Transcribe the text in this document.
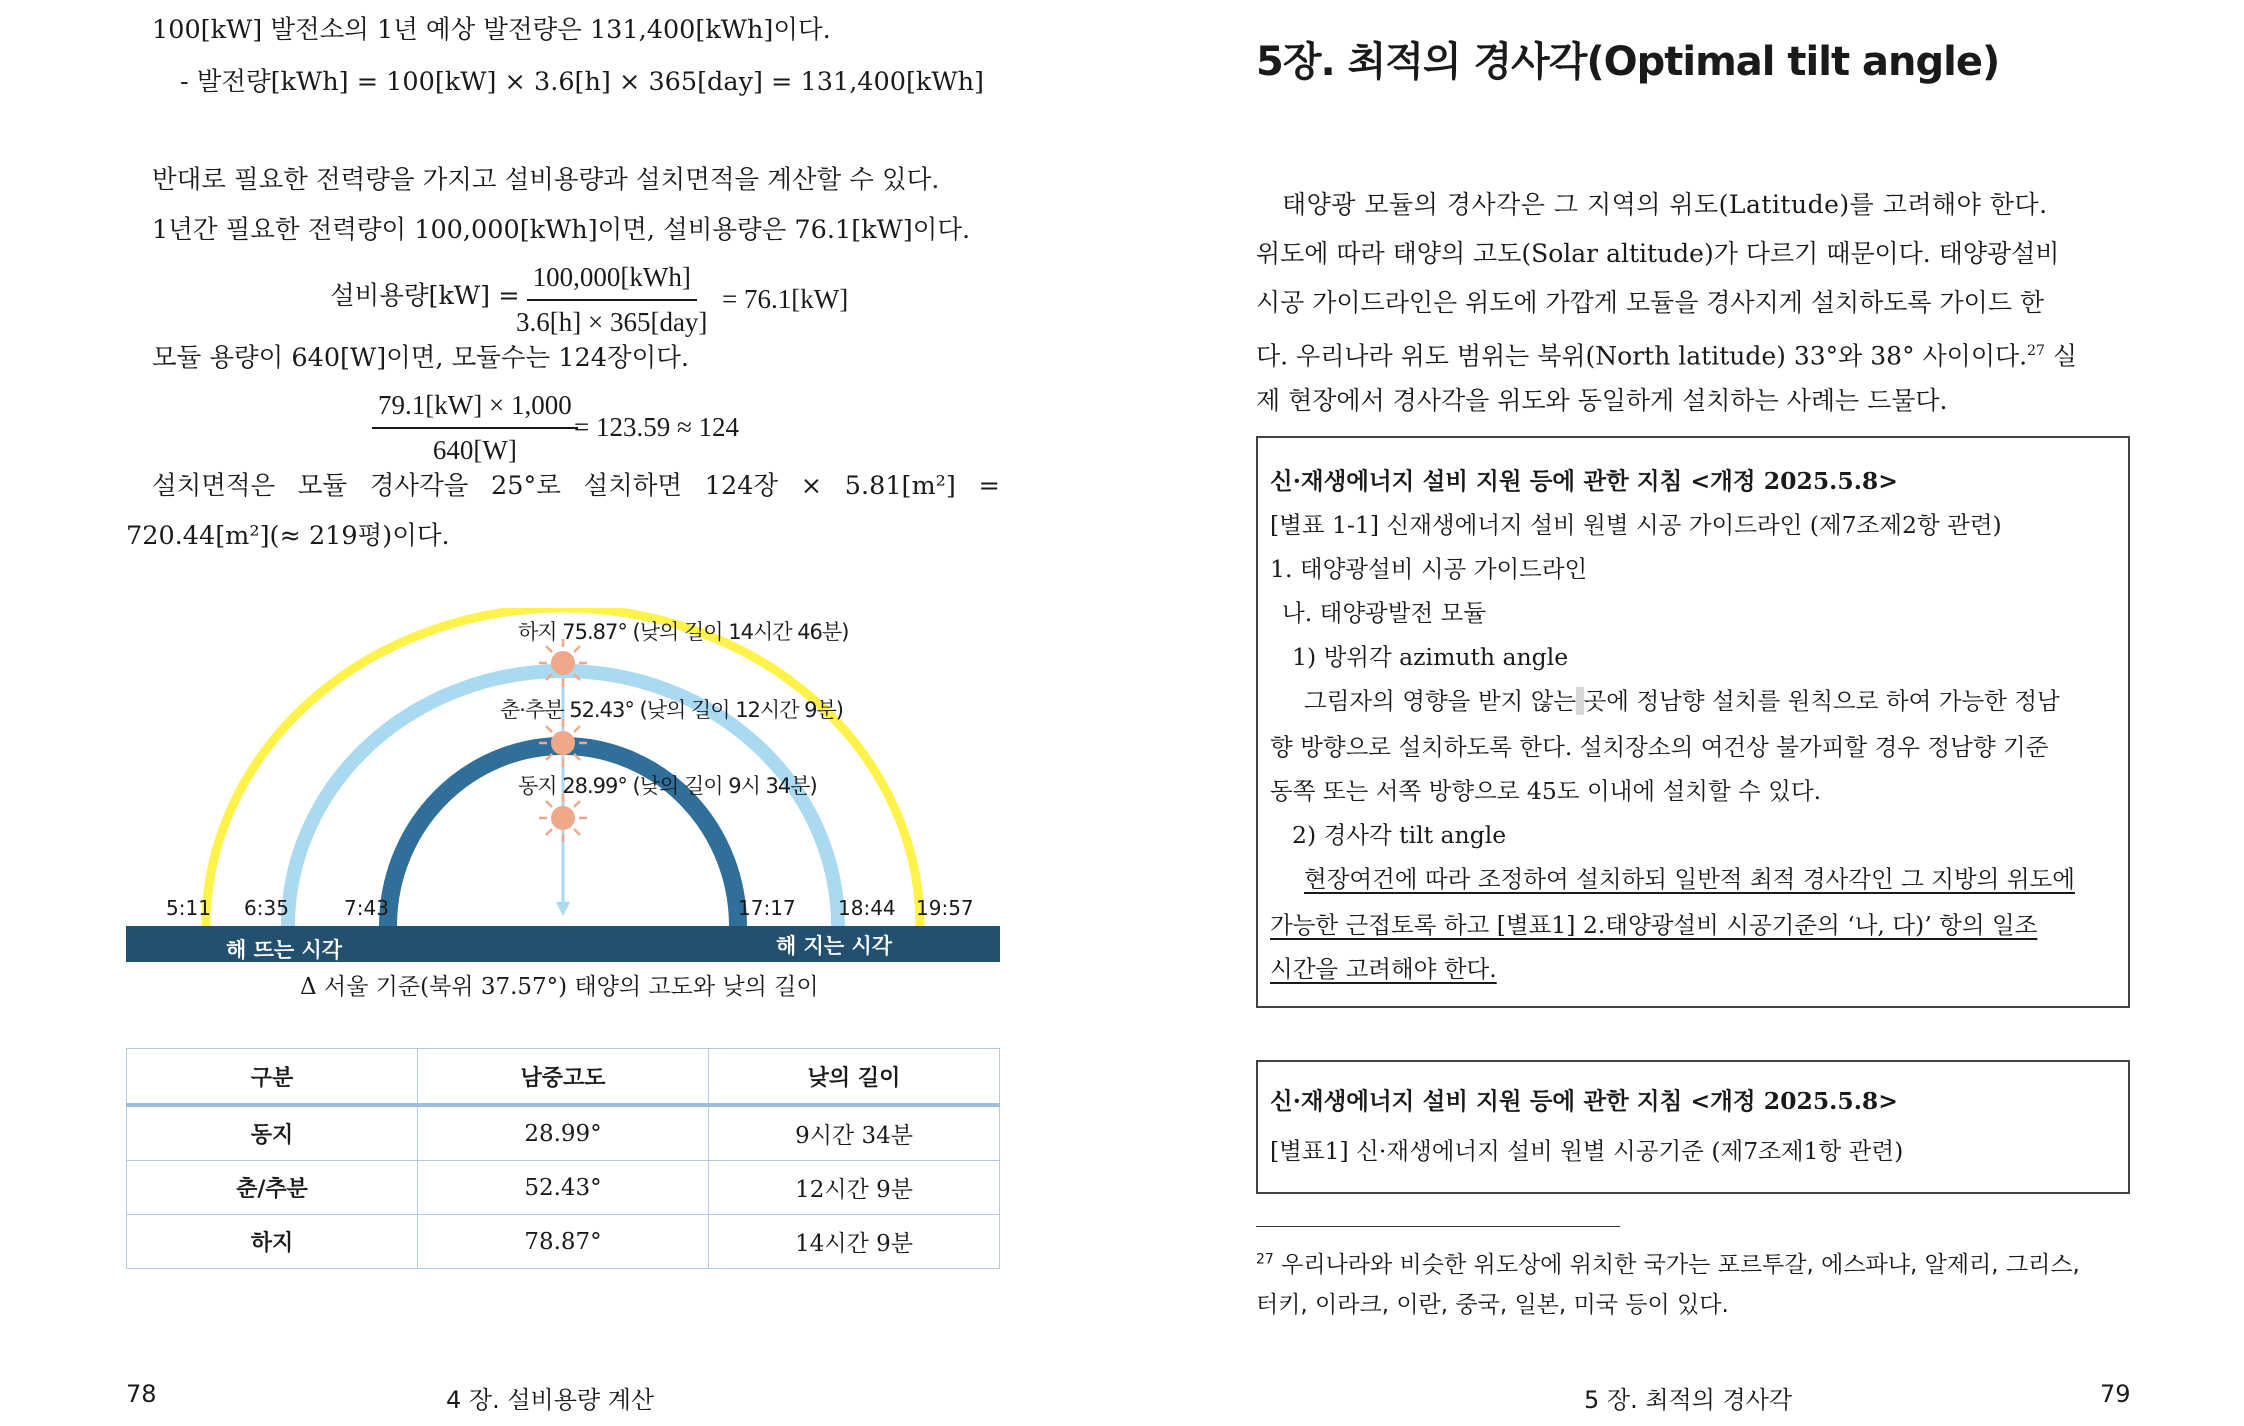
100[kW] 발전소의 1년 예상 발전량은 131,400[kWh]이다.
- 발전량[kWh] = 100[kW] × 3.6[h] × 365[day] = 131,400[kWh]
반대로 필요한 전력량을 가지고 설비용량과 설치면적을 계산할 수 있다.
1년간 필요한 전력량이 100,000[kWh]이면, 설비용량은 76.1[kW]이다.
설비용량[kW] =
100,000[kWh]
3.6[h] × 365[day]
= 76.1[kW]
모듈 용량이 640[W]이면, 모듈수는 124장이다.
$\frac{79.1[kW] \times 1,000}{640[W]}$
= 123.59 ≈ 124
설치면적은 모듈 경사각을 25°로 설치하면 124장 × 5.81[m²] =
720.44[m²](≈ 219평)이다.
하지 75.87° (낮의 길이 14시간 46분)
춘·추분 52.43° (낮의 길이 12시간 9분)
동지 28.99° (낮의 길이 9시 34분)
5:11 6:35	7:43	17:17 18:44 19:57
해 뜨는 시각	해 지는 시각
Δ 서울 기준(북위 37.57°) 태양의 고도와 낮의 길이
구분	남중고도	낮의 길이
동지	28.99°	9시간 34분
춘/추분	52.43°	12시간 9분
하지	78.87°	14시간 9분
78	4 장. 설비용량 계산
5장. 최적의 경사각(Optimal tilt angle)
태양광 모듈의 경사각은 그 지역의 위도(Latitude)를 고려해야 한다.
위도에 따라 태양의 고도(Solar altitude)가 다르기 때문이다. 태양광설비
시공 가이드라인은 위도에 가깝게 모듈을 경사지게 설치하도록 가이드 한
다. 우리나라 위도 범위는 북위(North latitude) 33°와 38° 사이이다.$^{27}$ 실
제 현장에서 경사각을 위도와 동일하게 설치하는 사례는 드물다.
신·재생에너지 설비 지원 등에 관한 지침 <개정 2025.5.8>
[별표 1-1] 신재생에너지 설비 원별 시공 가이드라인 (제7조제2항 관련)
1. 태양광설비 시공 가이드라인
나. 태양광발전 모듈
1) 방위각 azimuth angle
그림자의 영향을 받지 않는 곳에 정남향 설치를 원칙으로 하여 가능한 정남
향 방향으로 설치하도록 한다. 설치장소의 여건상 불가피할 경우 정남향 기준
동쪽 또는 서쪽 방향으로 45도 이내에 설치할 수 있다.
2) 경사각 tilt angle
현장여건에 따라 조정하여 설치하되 일반적 최적 경사각인 그 지방의 위도에
가능한 근접토록 하고 [별표1] 2.태양광설비 시공기준의 ‘나, 다)’ 항의 일조
시간을 고려해야 한다.
신·재생에너지 설비 지원 등에 관한 지침 <개정 2025.5.8>
[별표1] 신·재생에너지 설비 원별 시공기준 (제7조제1항 관련)
$^{27}$ 우리나라와 비슷한 위도상에 위치한 국가는 포르투갈, 에스파냐, 알제리, 그리스,
터키, 이라크, 이란, 중국, 일본, 미국 등이 있다.
5 장. 최적의 경사각	79
